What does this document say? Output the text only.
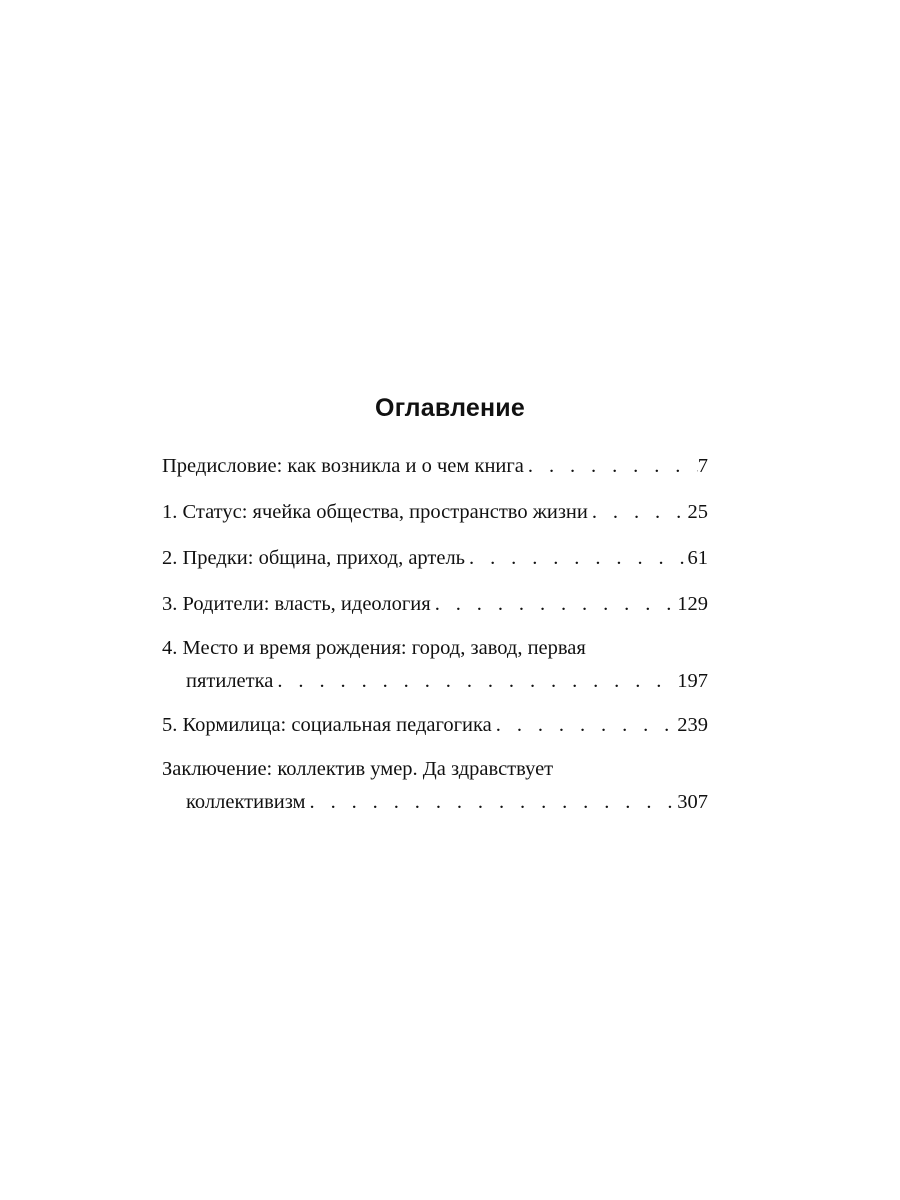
Оглавление
Предисловие: как возникла и о чем книга . . .	7
1. Статус: ячейка общества, пространство жизни . . .	25
2. Предки: община, приход, артель . . .	61
3. Родители: власть, идеология . . .	129
4. Место и время рождения: город, завод, первая
пятилетка . . .	197
5. Кормилица: социальная педагогика . . .	239
Заключение: коллектив умер. Да здравствует
коллективизм . . .	307
